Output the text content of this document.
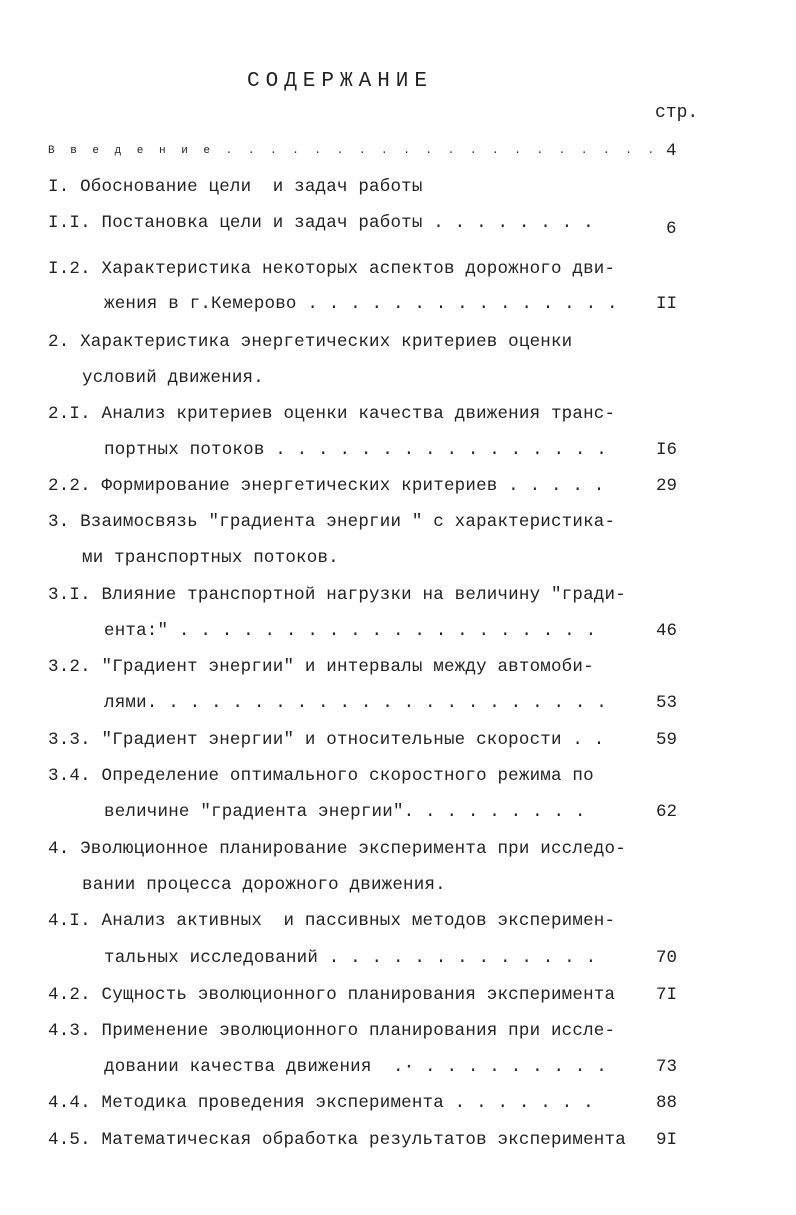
СОДЕРЖАНИЕ
стр.
В в е д е н и е . . . . . . . . . . . . . . . . . . . . 4
I. Обоснование цели  и задач работы
I.I. Постановка цели и задач работы . . . . . . . .	6
I.2. Характеристика некоторых аспектов дорожного дви-
жения в г.Кемерово . . . . . . . . . . . . . . . II
2. Характеристика энергетических критериев оценки
условий движения.
2.I. Анализ критериев оценки качества движения транс-
портных потоков . . . . . . . . . . . . . . . .	I6
2.2. Формирование энергетических критериев . . . . .	29
3. Взаимосвязь "градиента энергии " с характеристика-
ми транспортных потоков.
3.I. Влияние транспортной нагрузки на величину "гради-
ента:" . . . . . . . . . . . . . . . . . . . .	46
3.2. "Градиент энергии" и интервалы между автомоби-
лями. . . . . . . . . . . . . . . . . . . . . .	53
3.3. "Градиент энергии" и относительные скорости . .	59
3.4. Определение оптимального скоростного режима по
величине "градиента энергии". . . . . . . . .	62
4. Эволюционное планирование эксперимента при исследо-
вании процесса дорожного движения.
4.I. Анализ активных  и пассивных методов эксперимен-
тальных исследований . . . . . . . . . . . . .	70
4.2. Сущность эволюционного планирования эксперимента 7I
4.3. Применение эволюционного планирования при иссле-
довании качества движения  .· . . . . . . . . .	73
4.4. Методика проведения эксперимента . . . . . . .	88
4.5. Математическая обработка результатов эксперимента 9I
